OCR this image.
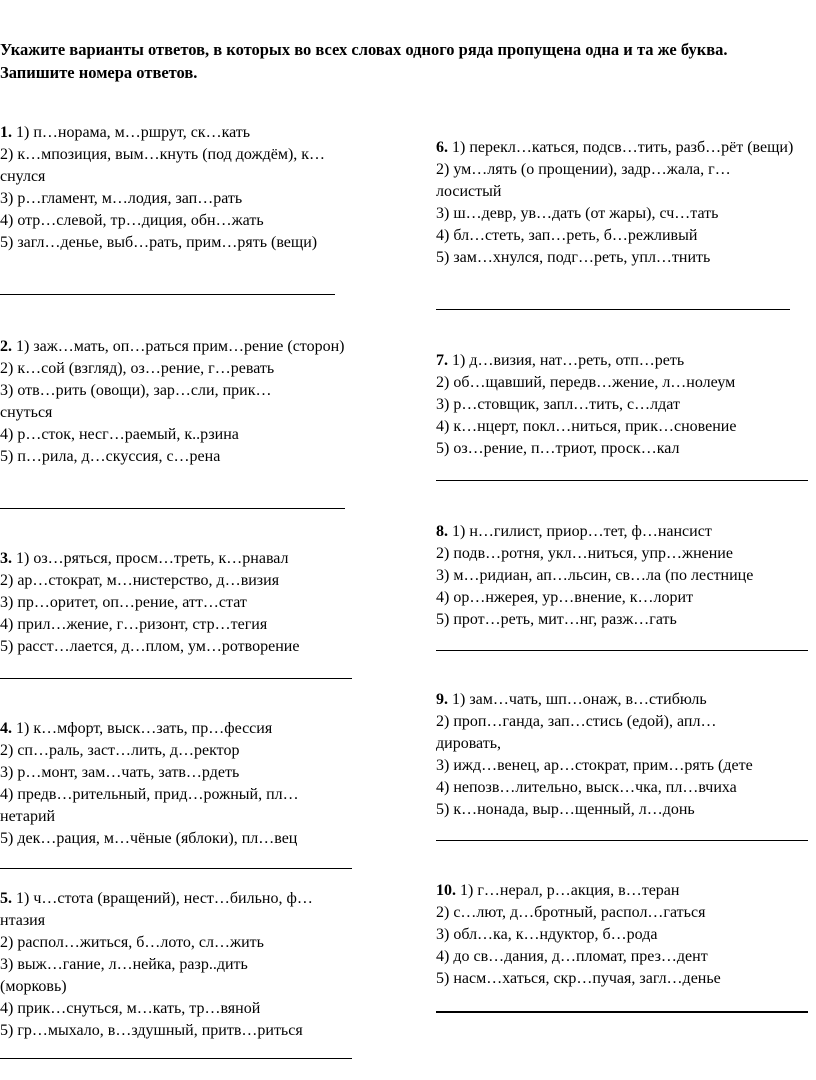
Укажите варианты ответов, в которых во всех словах одного ряда пропущена одна и та же буква. Запишите номера ответов.

1. 1) п…норама, м…ршрут, ск…кать

2) к…мпозиция, вым…кнуть (под дождём), к…снулся

3) р…гламент, м…лодия, зап…рать

4) отр…слевой, тр…диция, обн…жать

5) загл…денье, выб…рать, прим…рять (вещи)

2. 1) заж…мать, оп…раться прим…рение (сторон)

2) к…сой (взгляд), оз…рение, г…ревать

3) отв…рить (овощи), зар…сли, прик…снуться

4) р…сток, несг…раемый, к..рзина

5) п…рила, д…скуссия, с…рена

3. 1) оз…ряться, просм…треть, к…рнавал

2) ар…стократ, м…нистерство, д…визия

3) пр…оритет, оп…рение, атт…стат

4) прил…жение, г…ризонт, стр…тегия

5) расст…лается, д…плом, ум…ротворение

4. 1) к…мфорт, выск…зать, пр…фессия

2) сп…раль, заст…лить, д…ректор

3) р…монт, зам…чать, затв…рдеть

4) предв…рительный, прид…рожный, пл…нетарий

5) дек…рация, м…чёные (яблоки), пл…вец

5. 1) ч…стота (вращений), нест…бильно, ф…нтазия

2) распол…житься, б…лото, сл…жить

3) выж…гание, л…нейка, разр..дить (морковь)

4) прик…снуться, м…кать, тр…вяной

5) гр…мыхало, в…здушный, притв…риться

6. 1) перекл…каться, подсв…тить, разб…рёт (вещи)

2) ум…лять (о прощении), задр…жала, г…лосистый

3) ш…девр, ув…дать (от жары), сч…тать

4) бл…стеть, зап…реть, б…режливый

5) зам…хнулся, подг…реть, упл…тнить

7. 1) д…визия, нат…реть, отп…реть

2) об…щавший, передв…жение, л…нолеум

3) р…стовщик, запл…тить, с…лдат

4) к…нцерт, покл…ниться, прик…сновение

5) оз…рение, п…триот, проск…кал

8. 1) н…гилист, приор…тет, ф…нансист

2) подв…ротня, укл…ниться, упр…жнение

3) м…ридиан, ап…льсин, св…ла (по лестнице

4) ор…нжерея, ур…внение, к…лорит

5) прот…реть, мит…нг, разж…гать

9. 1) зам…чать, шп…онаж, в…стибюль

2) проп…ганда, зап…стись (едой), апл…дировать,

3) ижд…венец, ар…стократ, прим…рять (дете

4) непозв…лительно, выск…чка, пл…вчиха

5) к…нонада, выр…щенный, л…донь

10. 1) г…нерал, р…акция, в…теран

2) с…лют, д…бротный, распол…гаться

3) обл…ка, к…ндуктор, б…рода

4) до св…дания, д…пломат, през…дент

5) насм…хаться, скр…пучая, загл…денье
